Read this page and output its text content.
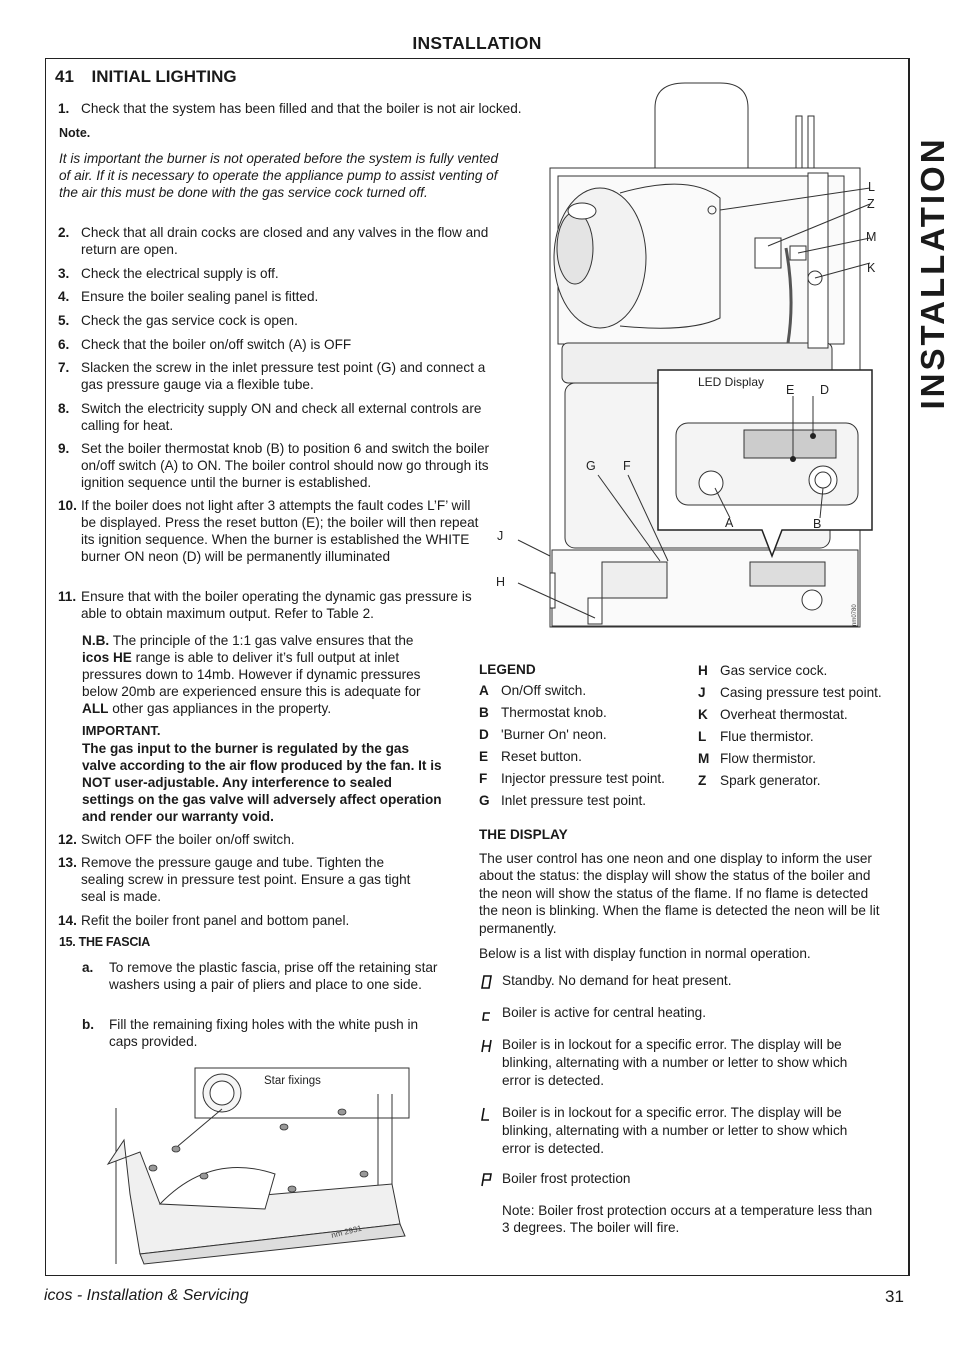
INSTALLATION
INSTALLATION
41 INITIAL LIGHTING
1. Check that the system has been filled and that the boiler is not air locked.
Note.
It is important the burner is not operated before the system is fully vented of air. If it is necessary to operate the appliance pump to assist venting of the air this must be done with the gas service cock turned off.
2. Check that all drain cocks are closed and any valves in the flow and return are open.
3. Check the electrical supply is off.
4. Ensure the boiler sealing panel is fitted.
5. Check the gas service cock is open.
6. Check that the boiler on/off switch (A) is OFF
7. Slacken the screw in the inlet pressure test point (G) and connect a gas pressure gauge via a flexible tube.
8. Switch the electricity supply ON and check all external controls are calling for heat.
9. Set the boiler thermostat knob (B) to position 6 and switch the boiler on/off switch (A) to ON. The boiler control should now go through its ignition sequence until the burner is established.
10. If the boiler does not light after 3 attempts the fault codes L’F’ will be displayed. Press the reset button (E); the boiler will then repeat its ignition sequence. When the burner is established the WHITE burner ON neon (D) will be permanently illuminated
11. Ensure that with the boiler operating the dynamic gas pressure is able to obtain maximum output. Refer to Table 2.
N.B. The principle of the 1:1 gas valve ensures that the icos HE range is able to deliver it’s full output at inlet pressures down to 14mb. However if dynamic pressures below 20mb are experienced ensure this is adequate for ALL other gas appliances in the property.
IMPORTANT.
The gas input to the burner is regulated by the gas valve according to the air flow produced by the fan. It is NOT user-adjustable. Any interference to sealed settings on the gas valve will adversely affect operation and render our warranty void.
12. Switch OFF the boiler on/off switch.
13. Remove the pressure gauge and tube. Tighten the sealing screw in pressure test point. Ensure a gas tight seal is made.
14. Refit the boiler front panel and bottom panel.
15. THE FASCIA
a. To remove the plastic fascia, prise off the retaining star washers using a pair of pliers and place to one side.
b. Fill the remaining fixing holes with the white push in caps provided.
LED Display
L
Z
M
K
E D
G F
J
H
A	B
nm0780
Star fixings
nm 2931
LEGEND
A On/Off switch.
B Thermostat knob.
D 'Burner On' neon.
E Reset button.
F Injector pressure test point.
G Inlet pressure test point.
H Gas service cock.
J Casing pressure test point.
K Overheat thermostat.
L Flue thermistor.
M Flow thermistor.
Z Spark generator.
THE DISPLAY
The user control has one neon and one display to inform the user about the status: the display will show the status of the boiler and the neon will show the status of the flame. If no flame is detected the neon is blinking. When the flame is detected the neon will be lit permanently.
Below is a list with display function in normal operation.
Standby. No demand for heat present.
Boiler is active for central heating.
Boiler is in lockout for a specific error. The display will be blinking, alternating with a number or letter to show which error is detected.
Boiler is in lockout for a specific error. The display will be blinking, alternating with a number or letter to show which error is detected.
Boiler frost protection
Note: Boiler frost protection occurs at a temperature less than 3 degrees. The boiler will fire.
icos - Installation & Servicing	31
